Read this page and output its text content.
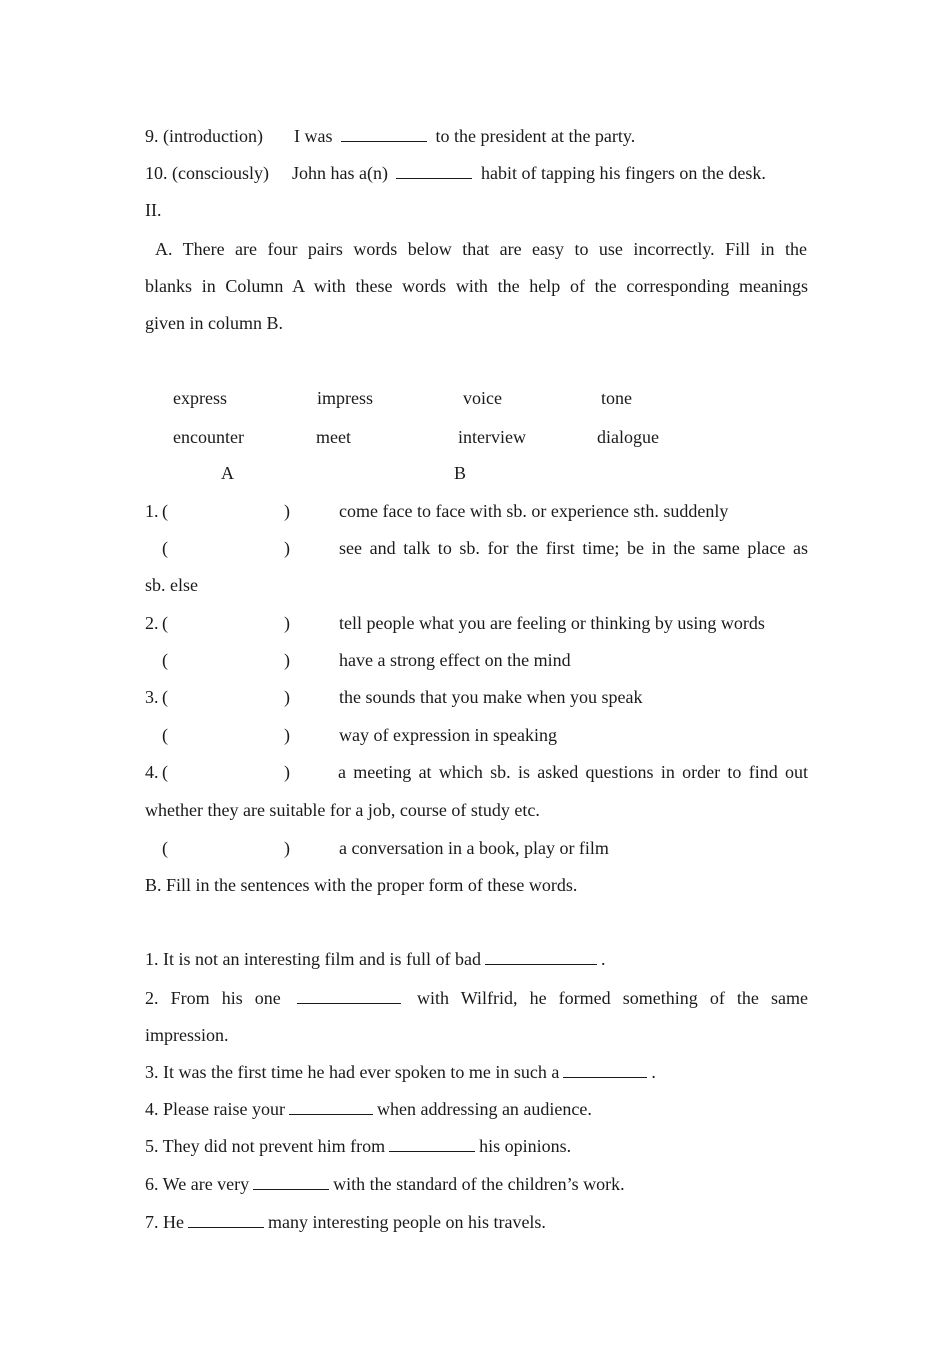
9. (introduction) I was	to the president at the party.
10. (consciously) John has a(n)	habit of tapping his fingers on the desk.
II.
A. There are four pairs words below that are easy to use incorrectly. Fill in the
blanks in Column A with these words with the help of the corresponding meanings
given in column B.
express	impress	voice	tone
encounter	meet	interview	dialogue
A	B
1. (	)	come face to face with sb. or experience sth. suddenly
(	)	see and talk to sb. for the first time; be in the same place as
sb. else
2. (	)	tell people what you are feeling or thinking by using words
(	)	have a strong effect on the mind
3. (	)	the sounds that you make when you speak
(	)	way of expression in speaking
4. (	)	a meeting at which sb. is asked questions in order to find out
whether they are suitable for a job, course of study etc.
(	)	a conversation in a book, play or film
B. Fill in the sentences with the proper form of these words.
1. It is not an interesting film and is full of bad	.
2. From his one	with Wilfrid, he formed something of the same
impression.
3. It was the first time he had ever spoken to me in such a	.
4. Please raise your	when addressing an audience.
5. They did not prevent him from	his opinions.
6. We are very	with the standard of the children’s work.
7. He	many interesting people on his travels.
